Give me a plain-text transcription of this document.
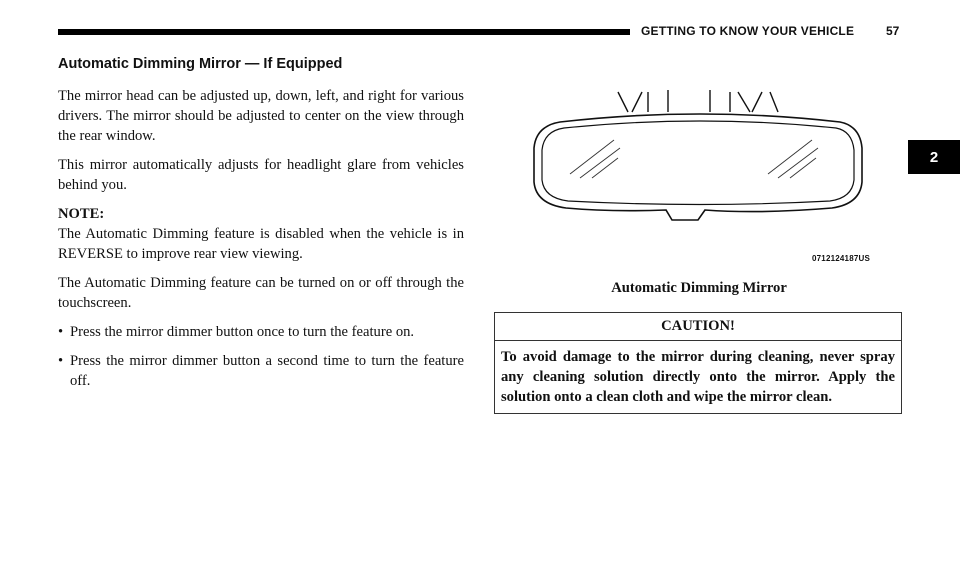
GETTING TO KNOW YOUR VEHICLE	57
2
Automatic Dimming Mirror — If Equipped

The mirror head can be adjusted up, down, left, and right for various drivers. The mirror should be adjusted to center on the view through the rear window.

This mirror automatically adjusts for headlight glare from vehicles behind you.

NOTE:

The Automatic Dimming feature is disabled when the vehicle is in REVERSE to improve rear view viewing.

The Automatic Dimming feature can be turned on or off through the touchscreen.

• Press the mirror dimmer button once to turn the feature on.
• Press the mirror dimmer button a second time to turn the feature off.
0712124187US
Automatic Dimming Mirror
CAUTION!
To avoid damage to the mirror during cleaning, never spray any cleaning solution directly onto the mirror. Apply the solution onto a clean cloth and wipe the mirror clean.
